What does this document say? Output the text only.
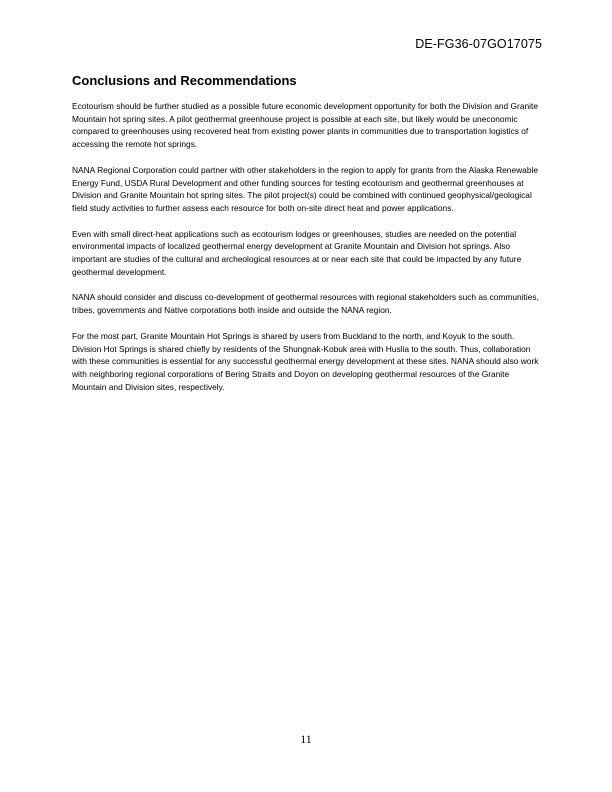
DE-FG36-07GO17075
Conclusions and Recommendations

Ecotourism should be further studied as a possible future economic development opportunity for both the Division and Granite Mountain hot spring sites. A pilot geothermal greenhouse project is possible at each site, but likely would be uneconomic compared to greenhouses using recovered heat from existing power plants in communities due to transportation logistics of accessing the remote hot springs.

NANA Regional Corporation could partner with other stakeholders in the region to apply for grants from the Alaska Renewable Energy Fund, USDA Rural Development and other funding sources for testing ecotourism and geothermal greenhouses at Division and Granite Mountain hot spring sites. The pilot project(s) could be combined with continued geophysical/geological field study activities to further assess each resource for both on-site direct heat and power applications.

Even with small direct-heat applications such as ecotourism lodges or greenhouses, studies are needed on the potential environmental impacts of localized geothermal energy development at Granite Mountain and Division hot springs. Also important are studies of the cultural and archeological resources at or near each site that could be impacted by any future geothermal development.

NANA should consider and discuss co-development of geothermal resources with regional stakeholders such as communities, tribes, governments and Native corporations both inside and outside the NANA region.

For the most part, Granite Mountain Hot Springs is shared by users from Buckland to the north, and Koyuk to the south. Division Hot Springs is shared chiefly by residents of the Shungnak-Kobuk area with Huslia to the south. Thus, collaboration with these communities is essential for any successful geothermal energy development at these sites. NANA should also work with neighboring regional corporations of Bering Straits and Doyon on developing geothermal resources of the Granite Mountain and Division sites, respectively.

11
